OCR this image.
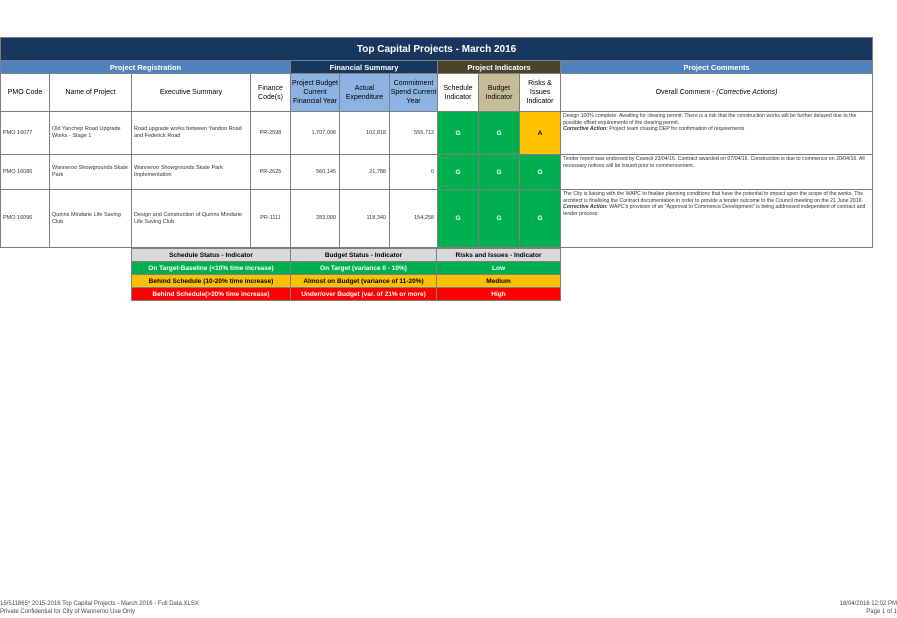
Top Capital Projects - March 2016										
Project Registration				Financial Summary			Project Indicators			Project Comments
PMO Code	Name of Project	Executive Summary	Finance Code(s)	Project Budget Current Financial Year	Actual Expenditure	Commitment Spend Current Year	Schedule Indicator	Budget Indicator	Risks & Issues Indicator	Overall Comment - (Corrective Actions)
PMO 16077	Old Yanchep Road Upgrade Works - Stage 1	Road upgrade works between Yandoo Road and Federick Road	PR-2598	1,707,006	102,818	555,713	G	G	A	Design 100% complete. Awaiting for clearing permit. There is a risk that the construction works will be further delayed due to the possible offset requirements of the clearing permit.
Corrective Action: Project team chasing DEP for confirmation of requirements
PMO 16086	Wanneroo Showgrounds Skate Park	Wanneroo Showgrounds Skate Park Implementation	PR-2625	560,145	21,788	0	G	G	G	Tender report was endorsed by Council 23/04/16. Contract awarded on 07/04/16. Construction is due to commence on 20/04/16. All necessary notices will be issued prior to commencement.
PMO 16096	Quinns Mindarie Life Saving Club	Design and Construction of Quinns Mindarie Life Saving Club	PR-1111	283,000	118,340	154,258	G	G	G	The City is liaising with the WAPC to finalise planning conditions that have the potential to impact upon the scope of the works. The architect is finalising the Contract documentation in order to provide a tender outcome to the Council meeting on the 21 June 2016.
Corrective Action: WAPC's provision of an "Approval to Commence Development" is being addressed independent of contract and tender process
Schedule Status - Indicator	Budget Status - Indicator	Risks and Issues - Indicator
On Target-Baseline (<10% time increase)	On Target (variance 0 - 10%)	Low
Behind Schedule (10-20% time increase)	Almost on Budget (variance of 11-20%)	Medium
Behind Schedule(>20% time increase)	Under/over Budget (var. of 21% or more)	High
15/511865* 2015-2016 Top Capital Projects - March 2016 - Full Data.XLSX
Private Confidential for City of Wanneroo Use Only
18/04/2016 12:02 PM
Page 1 of 1
